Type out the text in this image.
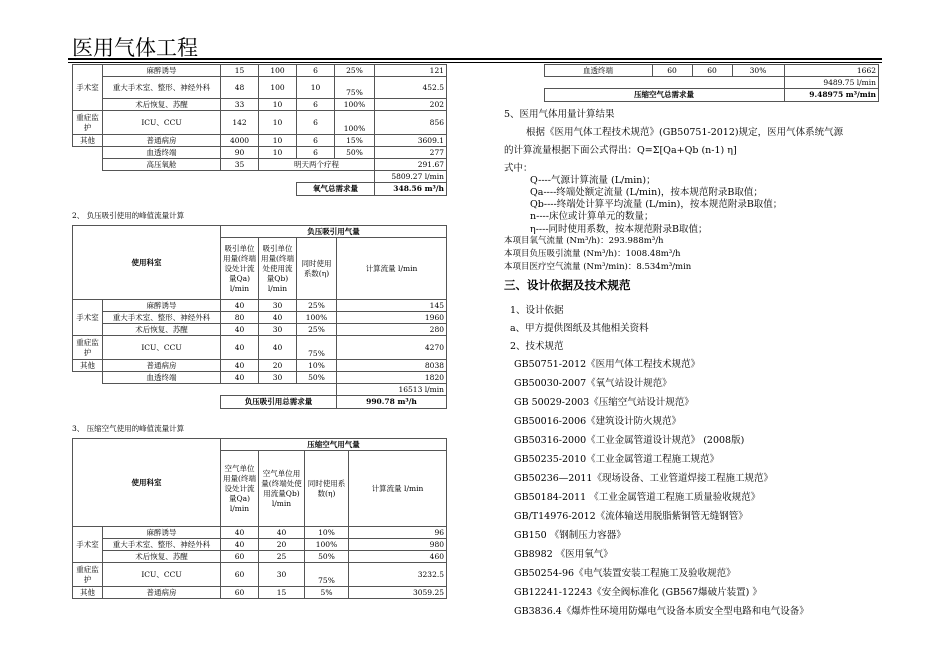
医用气体工程
手术室	麻醉诱导	15	100	6	25%	121
	重大手术室、整形、神经外科	48	100	10	75%	452.5
	术后恢复、苏醒	33	10	6	100%	202
重症监护	ICU、CCU	142	10	6	100%	856
其他	普通病房	4000	10	6	15%	3609.1
	血透终端	90	10	6	50%	277
	高压氧舱	35	明天两个疗程			291.67
						5809.27 l/min
				氧气总需求量		348.56 m³/h
2、 负压吸引使用的峰值流量计算
使用科室		负压吸引用气量			
		吸引单位用量(终端设处计流量Qa) l/min	吸引单位用量(终端处使用流量Qb) l/min	同时使用系数(η)	计算流量 l/min
手术室	麻醉诱导	40	30	25%	145
	重大手术室、整形、神经外科	80	40	100%	1960
	术后恢复、苏醒	40	30	25%	280
重症监护	ICU、CCU	40	40	75%	4270
其他	普通病房	40	20	10%	8038
	血透终端	40	30	50%	1820
					16513 l/min
		负压吸引用总需求量			990.78 m³/h
3、 压缩空气使用的峰值流量计算
使用科室		压缩空气用气量			
		空气单位用量(终端设处计流量Qa) l/min	空气单位用量(终端处使用流量Qb) l/min	同时使用系数(η)	计算流量 l/min
手术室	麻醉诱导	40	40	10%	96
	重大手术室、整形、神经外科	40	20	100%	980
	术后恢复、苏醒	60	25	50%	460
重症监护	ICU、CCU	60	30	75%	3232.5
其他	普通病房	60	15	5%	3059.25
	血透终端	60	60	30%	1662
					9489.75 l/min
	压缩空气总需求量				9.48975 m³/min
5、医用气体用量计算结果
根据《医用气体工程技术规范》(GB50751-2012)规定，医用气体系统气源
的计算流量根据下面公式得出：Q=Σ[Qa+Qb (n-1) η]
式中：
Q----气源计算流量 (L/min)；
Qa----终端处额定流量 (L/min)，按本规范附录B取值；
Qb----终端处计算平均流量 (L/min)，按本规范附录B取值；
n----床位或计算单元的数量；
η----同时使用系数，按本规范附录B取值；
本项目氧气流量 (Nm³/h)：293.988m³/h
本项目负压吸引流量 (Nm³/h)：1008.48m³/h
本项目医疗空气流量 (Nm³/min)：8.534m³/min
三、设计依据及技术规范
1、设计依据
a、甲方提供图纸及其他相关资料
2、技术规范
GB50751-2012《医用气体工程技术规范》
GB50030-2007《氧气站设计规范》
GB 50029-2003《压缩空气站设计规范》
GB50016-2006《建筑设计防火规范》
GB50316-2000《工业金属管道设计规范》 (2008版)
GB50235-2010《工业金属管道工程施工规范》
GB50236—2011《现场设备、工业管道焊接工程施工规范》
GB50184-2011 《工业金属管道工程施工质量验收规范》
GB/T14976-2012《流体输送用脱脂紫铜管无缝钢管》
GB150 《钢制压力容器》
GB8982 《医用氧气》
GB50254-96《电气装置安装工程施工及验收规范》
GB12241-12243《安全阀标准化 (GB567爆破片装置) 》
GB3836.4《爆炸性环境用防爆电气设备本质安全型电路和电气设备》
